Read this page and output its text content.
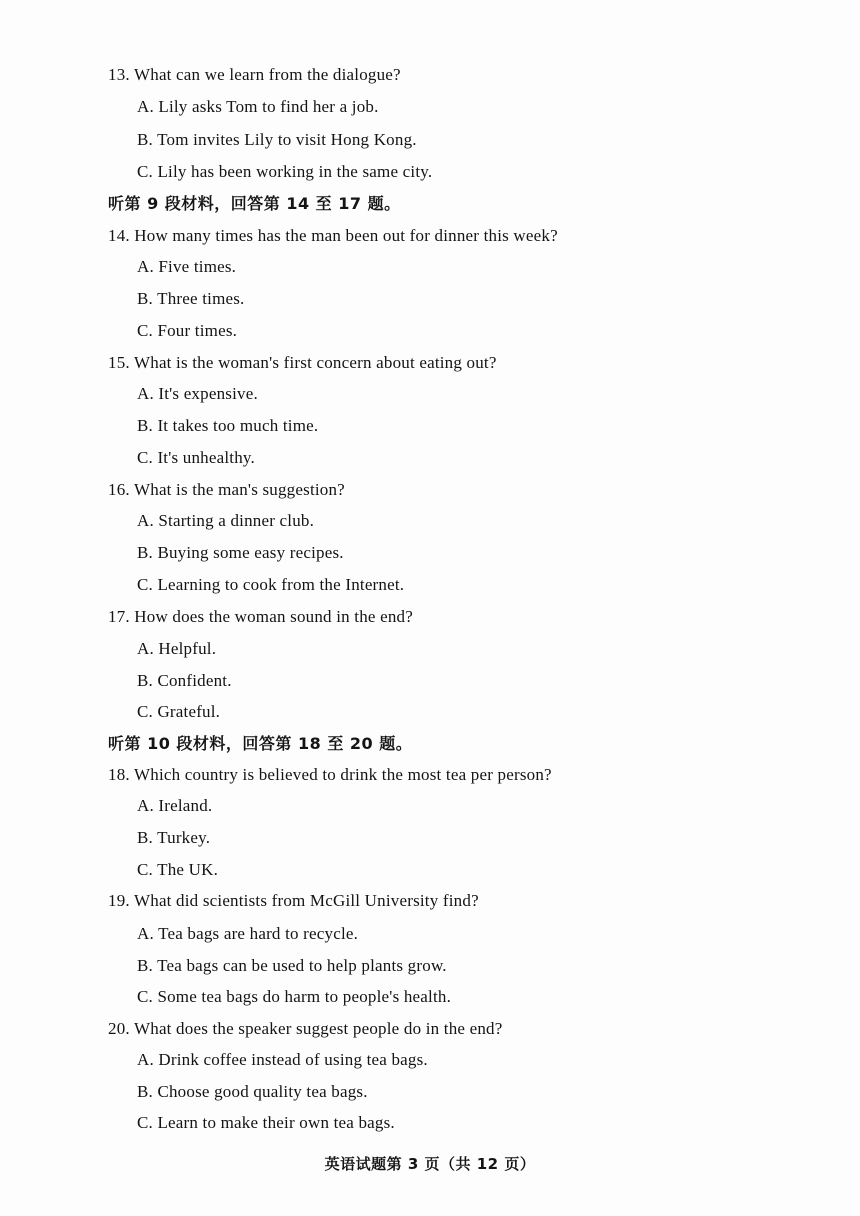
13. What can we learn from the dialogue?
A. Lily asks Tom to find her a job.
B. Tom invites Lily to visit Hong Kong.
C. Lily has been working in the same city.
听第 9 段材料，回答第 14 至 17 题。
14. How many times has the man been out for dinner this week?
A. Five times.
B. Three times.
C. Four times.
15. What is the woman's first concern about eating out?
A. It's expensive.
B. It takes too much time.
C. It's unhealthy.
16. What is the man's suggestion?
A. Starting a dinner club.
B. Buying some easy recipes.
C. Learning to cook from the Internet.
17. How does the woman sound in the end?
A. Helpful.
B. Confident.
C. Grateful.
听第 10 段材料，回答第 18 至 20 题。
18. Which country is believed to drink the most tea per person?
A. Ireland.
B. Turkey.
C. The UK.
19. What did scientists from McGill University find?
A. Tea bags are hard to recycle.
B. Tea bags can be used to help plants grow.
C. Some tea bags do harm to people's health.
20. What does the speaker suggest people do in the end?
A. Drink coffee instead of using tea bags.
B. Choose good quality tea bags.
C. Learn to make their own tea bags.
英语试题第 3 页（共 12 页）
